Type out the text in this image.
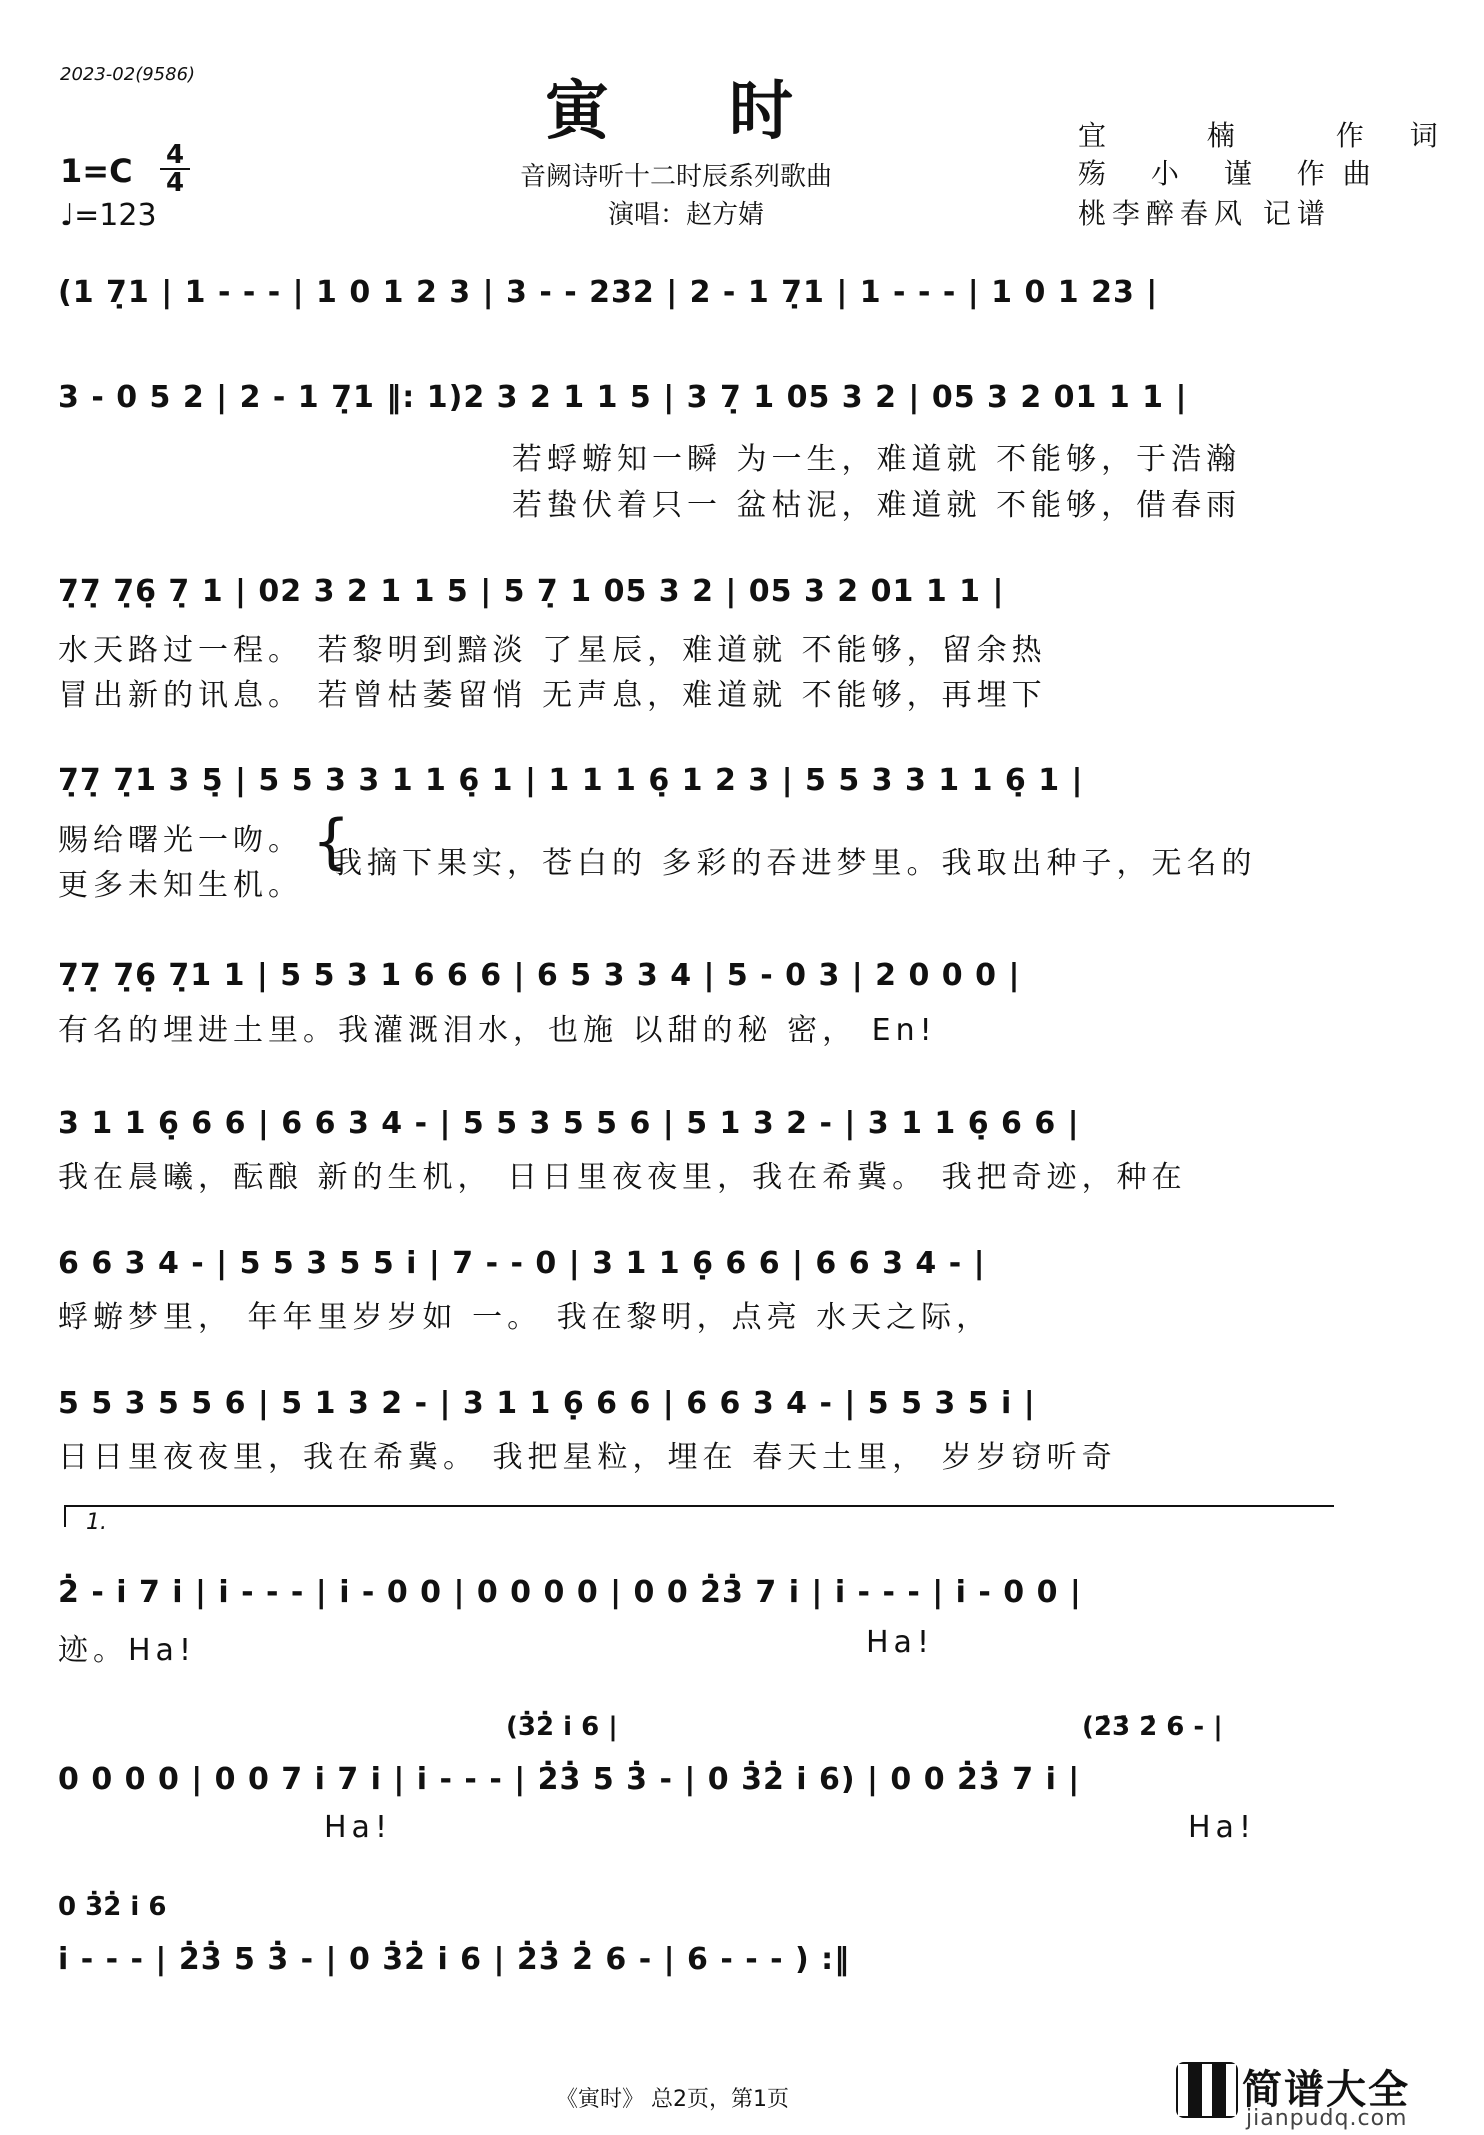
2023-02(9586)	寅时
音阙诗听十二时辰系列歌曲
演唱：赵方婧
1=C 4
4
♩=123
宜 楠 作词
殇 小 谨 作曲
桃李醉春风 记谱
(1 7̣1 | 1 - - - | 1 0 1 2 3 | 3 - - 232 | 2 - 1 7̣1 | 1 - - - | 1 0 1 23 |
3 - 0 5 2 | 2 - 1 7̣1 ‖: 1)2 3 2 1 1 5 | 3 7̣ 1 05 3 2 | 05 3 2 01 1 1 |
若蜉蝣知一瞬 为一生，难道就 不能够，于浩瀚
若蛰伏着只一 盆枯泥，难道就 不能够，借春雨
7̣7̣ 7̣6̣ 7̣ 1 | 02 3 2 1 1 5 | 5 7̣ 1 05 3 2 | 05 3 2 01 1 1 |
水天路过一程。 若黎明到黯淡 了星辰，难道就 不能够，留余热
冒出新的讯息。 若曾枯萎留悄 无声息，难道就 不能够，再埋下
7̣7̣ 7̣1 3 5̣ | 5 5 3 3 1 1 6̣ 1 | 1 1 1 6̣ 1 2 3 | 5 5 3 3 1 1 6̣ 1 |
赐给曙光一吻。
更多未知生机。
{
我摘下果实，苍白的 多彩的吞进梦里。我取出种子，无名的
7̣7̣ 7̣6̣ 7̣1 1 | 5 5 3 1 6 6 6 | 6 5 3 3 4 | 5 - 0 3 | 2 0 0 0 |
有名的埋进土里。我灌溉泪水，也施 以甜的秘 密， En!
3 1 1 6̣ 6 6 | 6 6 3 4 - | 5 5 3 5 5 6 | 5 1 3 2 - | 3 1 1 6̣ 6 6 |
我在晨曦，酝酿 新的生机， 日日里夜夜里，我在希冀。 我把奇迹，种在
6 6 3 4 - | 5 5 3 5 5 i | 7 - - 0 | 3 1 1 6̣ 6 6 | 6 6 3 4 - |
蜉蝣梦里， 年年里岁岁如 一。 我在黎明，点亮 水天之际，
5 5 3 5 5 6 | 5 1 3 2 - | 3 1 1 6̣ 6 6 | 6 6 3 4 - | 5 5 3 5 i |
日日里夜夜里，我在希冀。 我把星粒，埋在 春天土里， 岁岁窃听奇
1.
2̇ - i 7 i | i - - - | i - 0 0 | 0 0 0 0 | 0 0 2̇3̇ 7 i | i - - - | i - 0 0 |
迹。Ha!	Ha!
(3̇2̇ i 6 |	(2̇3̇ 2̇ 6 - |
0 0 0 0 | 0 0 7 i 7 i | i - - - | 2̇3̇ 5 3̇ - | 0 3̇2̇ i 6) | 0 0 2̇3̇ 7 i |
Ha!	Ha!
0 3̇2̇ i 6
i - - - | 2̇3̇ 5 3̇ - | 0 3̇2̇ i 6 | 2̇3̇ 2̇ 6 - | 6 - - - ) :‖
《寅时》 总2页，第1页	简谱大全
jianpudq.com
